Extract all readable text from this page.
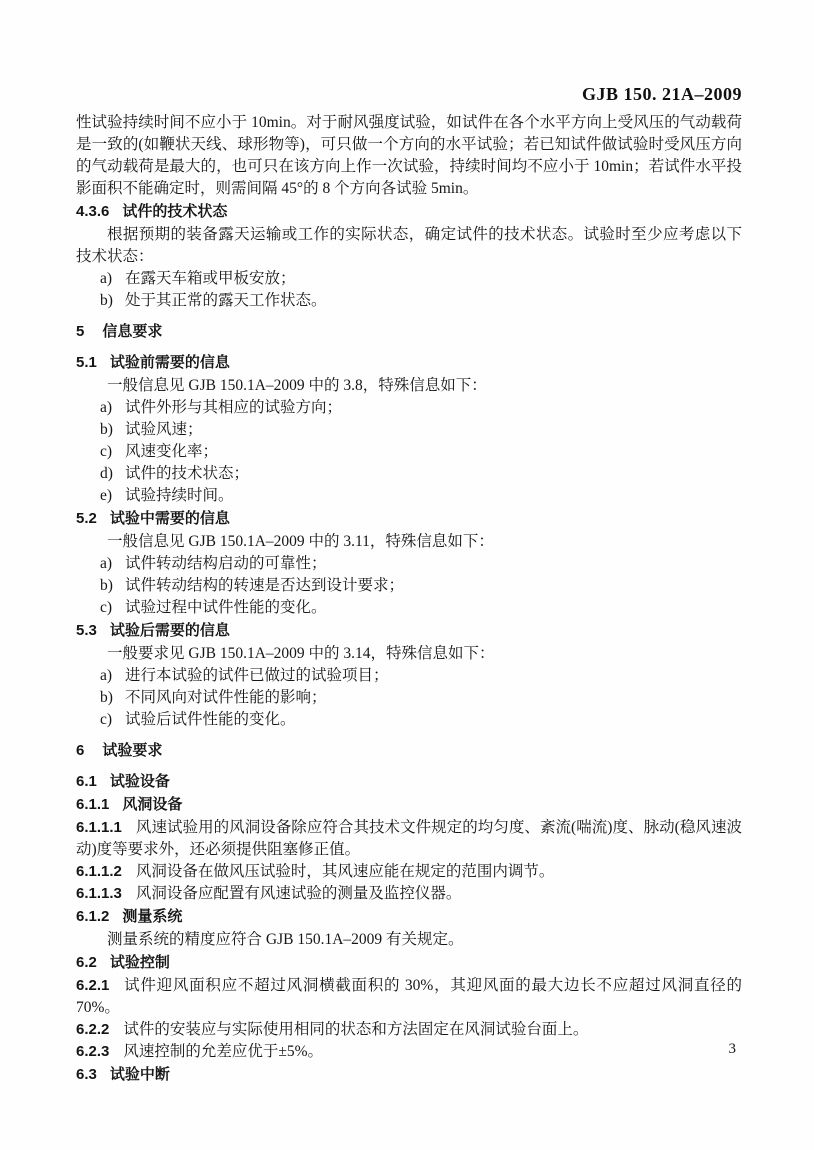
GJB 150. 21A–2009
性试验持续时间不应小于 10min。对于耐风强度试验，如试件在各个水平方向上受风压的气动载荷是一致的(如鞭状天线、球形物等)，可只做一个方向的水平试验；若已知试件做试验时受风压方向的气动载荷是最大的，也可只在该方向上作一次试验，持续时间均不应小于 10min；若试件水平投影面积不能确定时，则需间隔 45°的 8 个方向各试验 5min。
4.3.6 试件的技术状态
根据预期的装备露天运输或工作的实际状态，确定试件的技术状态。试验时至少应考虑以下技术状态：
a) 在露天车箱或甲板安放；
b) 处于其正常的露天工作状态。
5 信息要求
5.1 试验前需要的信息
一般信息见 GJB 150.1A–2009 中的 3.8，特殊信息如下：
a) 试件外形与其相应的试验方向；
b) 试验风速；
c) 风速变化率；
d) 试件的技术状态；
e) 试验持续时间。
5.2 试验中需要的信息
一般信息见 GJB 150.1A–2009 中的 3.11，特殊信息如下：
a) 试件转动结构启动的可靠性；
b) 试件转动结构的转速是否达到设计要求；
c) 试验过程中试件性能的变化。
5.3 试验后需要的信息
一般要求见 GJB 150.1A–2009 中的 3.14，特殊信息如下：
a) 进行本试验的试件已做过的试验项目；
b) 不同风向对试件性能的影响；
c) 试验后试件性能的变化。
6 试验要求
6.1 试验设备
6.1.1 风洞设备
6.1.1.1 风速试验用的风洞设备除应符合其技术文件规定的均匀度、紊流(喘流)度、脉动(稳风速波动)度等要求外，还必须提供阻塞修正值。
6.1.1.2 风洞设备在做风压试验时，其风速应能在规定的范围内调节。
6.1.1.3 风洞设备应配置有风速试验的测量及监控仪器。
6.1.2 测量系统
测量系统的精度应符合 GJB 150.1A–2009 有关规定。
6.2 试验控制
6.2.1 试件迎风面积应不超过风洞横截面积的 30%，其迎风面的最大边长不应超过风洞直径的 70%。
6.2.2 试件的安装应与实际使用相同的状态和方法固定在风洞试验台面上。
6.2.3 风速控制的允差应优于±5%。
6.3 试验中断
3
